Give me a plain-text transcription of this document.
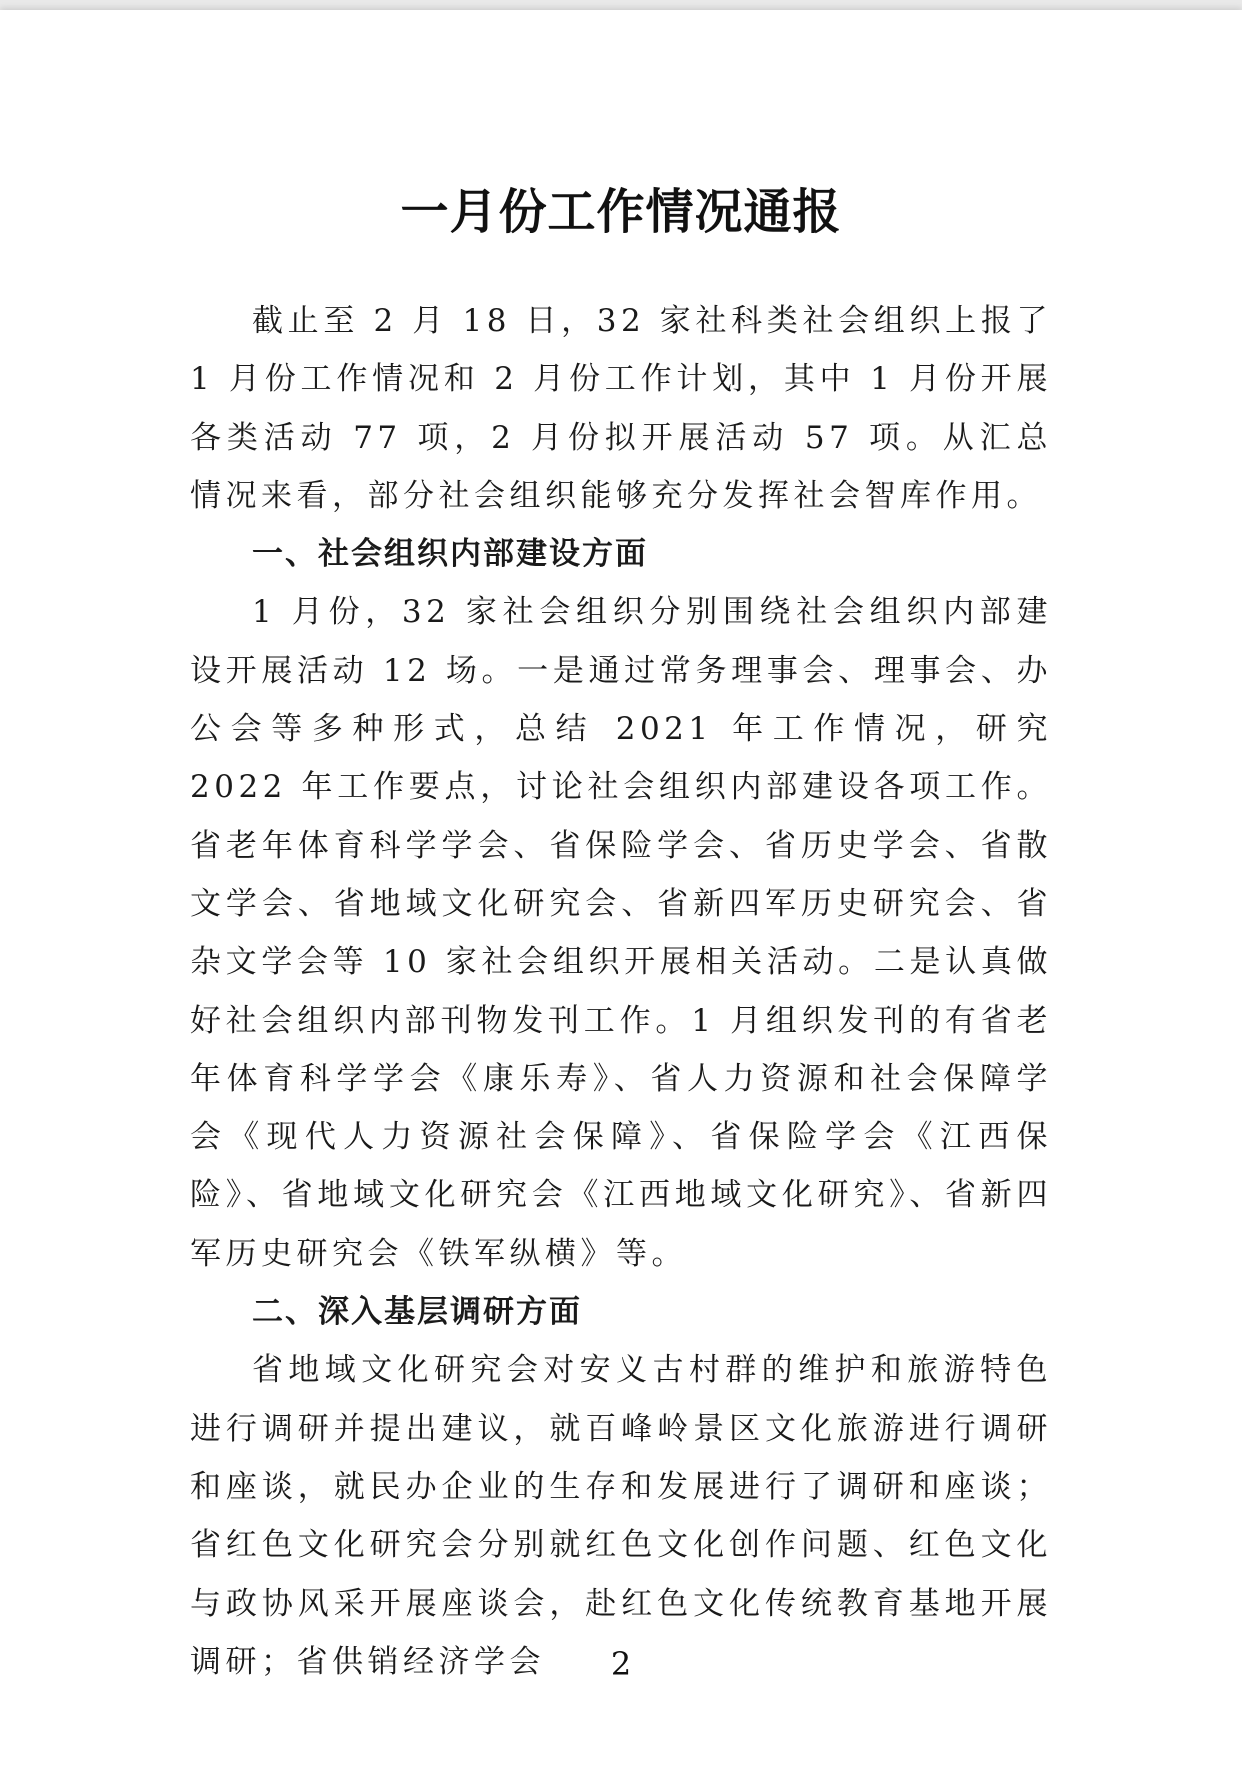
一月份工作情况通报

截止至 2 月 18 日，32 家社科类社会组织上报了 1 月份工作情况和 2 月份工作计划，其中 1 月份开展各类活动 77 项，2 月份拟开展活动 57 项。从汇总情况来看，部分社会组织能够充分发挥社会智库作用。

一、社会组织内部建设方面

1 月份，32 家社会组织分别围绕社会组织内部建设开展活动 12 场。一是通过常务理事会、理事会、办公会等多种形式，总结 2021 年工作情况，研究 2022 年工作要点，讨论社会组织内部建设各项工作。省老年体育科学学会、省保险学会、省历史学会、省散文学会、省地域文化研究会、省新四军历史研究会、省杂文学会等 10 家社会组织开展相关活动。二是认真做好社会组织内部刊物发刊工作。1 月组织发刊的有省老年体育科学学会《康乐寿》、省人力资源和社会保障学会《现代人力资源社会保障》、省保险学会《江西保险》、省地域文化研究会《江西地域文化研究》、省新四军历史研究会《铁军纵横》等。

二、深入基层调研方面

省地域文化研究会对安义古村群的维护和旅游特色进行调研并提出建议，就百峰岭景区文化旅游进行调研和座谈，就民办企业的生存和发展进行了调研和座谈；省红色文化研究会分别就红色文化创作问题、红色文化与政协风采开展座谈会，赴红色文化传统教育基地开展调研；省供销经济学会	2
